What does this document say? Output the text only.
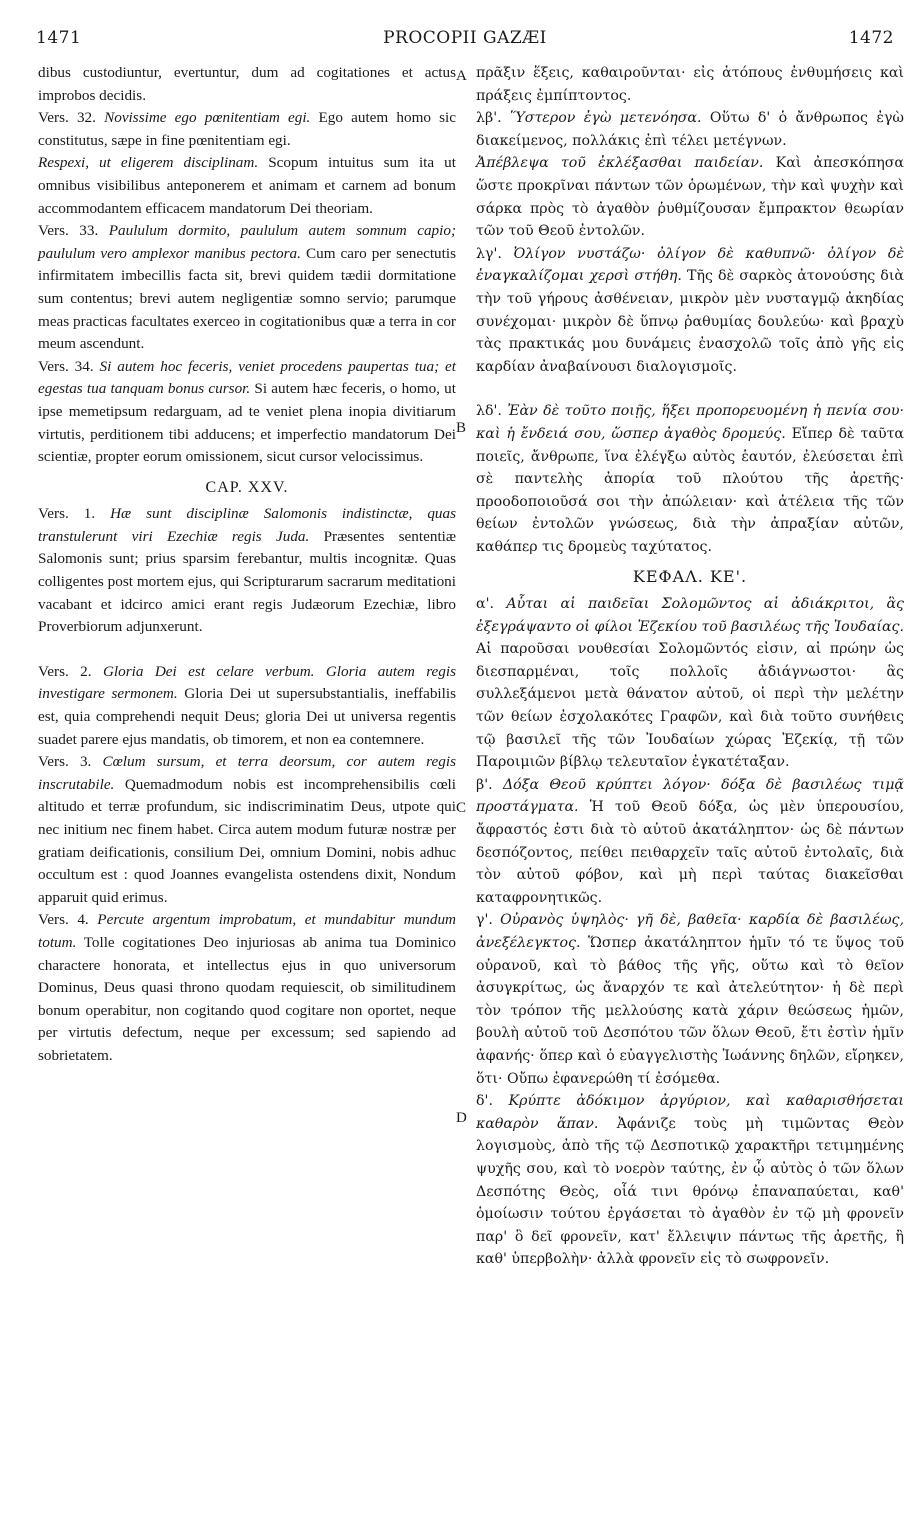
1471	PROCOPII GAZÆI	1472
A
B
C
D

dibus custodiuntur, evertuntur, dum ad cogitationes et actus improbos decidis.

Vers. 32. Novissime ego pœnitentiam egi. Ego autem homo sic constitutus, sæpe in fine pœnitentiam egi.

Respexi, ut eligerem disciplinam. Scopum intuitus sum ita ut omnibus visibilibus anteponerem et animam et carnem ad bonum accommodantem efficacem mandatorum Dei theoriam.

Vers. 33. Paululum dormito, paululum autem somnum capio; paululum vero amplexor manibus pectora. Cum caro per senectutis infirmitatem imbecillis facta sit, brevi quidem tædii dormitatione sum contentus; brevi autem negligentiæ somno servio; parumque meas practicas facultates exerceo in cogitationibus quæ a terra in cor meum ascendunt.

Vers. 34. Si autem hoc feceris, veniet procedens paupertas tua; et egestas tua tanquam bonus cursor. Si autem hæc feceris, o homo, ut ipse memetipsum redarguam, ad te veniet plena inopia divitiarum virtutis, perditionem tibi adducens; et imperfectio mandatorum Dei scientiæ, propter eorum omissionem, sicut cursor velocissimus.

CAP. XXV.

Vers. 1. Hæ sunt disciplinæ Salomonis indistinctæ, quas transtulerunt viri Ezechiæ regis Juda. Præsentes sententiæ Salomonis sunt; prius sparsim ferebantur, multis incognitæ. Quas colligentes post mortem ejus, qui Scripturarum sacrarum meditationi vacabant et idcirco amici erant regis Judæorum Ezechiæ, libro Proverbiorum adjunxerunt.

Vers. 2. Gloria Dei est celare verbum. Gloria autem regis investigare sermonem. Gloria Dei ut supersubstantialis, ineffabilis est, quia comprehendi nequit Deus; gloria Dei ut universa regentis suadet parere ejus mandatis, ob timorem, et non ea contemnere.

Vers. 3. Cœlum sursum, et terra deorsum, cor autem regis inscrutabile. Quemadmodum nobis est incomprehensibilis cœli altitudo et terræ profundum, sic indiscriminatim Deus, utpote qui nec initium nec finem habet. Circa autem modum futuræ nostræ per gratiam deificationis, consilium Dei, omnium Domini, nobis adhuc occultum est : quod Joannes evangelista ostendens dixit, Nondum apparuit quid erimus.

Vers. 4. Percute argentum improbatum, et mundabitur mundum totum. Tolle cogitationes Deo injuriosas ab anima tua Dominico charactere honorata, et intellectus ejus in quo universorum Dominus, Deus quasi throno quodam requiescit, ob similitudinem bonum operabitur, non cogitando quod cogitare non oportet, neque per virtutis defectum, neque per excessum; sed sapiendo ad sobrietatem.

πρᾶξιν ἕξεις, καθαιροῦνται· εἰς ἀτόπους ἐνθυμήσεις καὶ πράξεις ἐμπίπτοντος.

λβ'. Ὕστερον ἐγὼ μετενόησα. Οὕτω δ' ὁ ἄνθρωπος ἐγὼ διακείμενος, πολλάκις ἐπὶ τέλει μετέγνων.

Ἀπέβλεψα τοῦ ἐκλέξασθαι παιδείαν. Καὶ ἀπεσκόπησα ὥστε προκρῖναι πάντων τῶν ὁρωμένων, τὴν καὶ ψυχὴν καὶ σάρκα πρὸς τὸ ἀγαθὸν ῥυθμίζουσαν ἔμπρακτον θεωρίαν τῶν τοῦ Θεοῦ ἐντολῶν.

λγ'. Ὀλίγον νυστάζω· ὀλίγον δὲ καθυπνῶ· ὀλίγον δὲ ἐναγκαλίζομαι χερσὶ στήθη. Τῆς δὲ σαρκὸς ἀτονούσης διὰ τὴν τοῦ γήρους ἀσθένειαν, μικρὸν μὲν νυσταγμῷ ἀκηδίας συνέχομαι· μικρὸν δὲ ὕπνῳ ῥαθυμίας δουλεύω· καὶ βραχὺ τὰς πρακτικάς μου δυνάμεις ἐνασχολῶ τοῖς ἀπὸ γῆς εἰς καρδίαν ἀναβαίνουσι διαλογισμοῖς.

λδ'. Ἐὰν δὲ τοῦτο ποιῇς, ἥξει προπορευομένη ἡ πενία σου· καὶ ἡ ἔνδειά σου, ὥσπερ ἀγαθὸς δρομεύς. Εἴπερ δὲ ταῦτα ποιεῖς, ἄνθρωπε, ἵνα ἐλέγξω αὐτὸς ἑαυτόν, ἐλεύσεται ἐπὶ σὲ παντελὴς ἀπορία τοῦ πλούτου τῆς ἀρετῆς· προοδοποιοῦσά σοι τὴν ἀπώλειαν· καὶ ἀτέλεια τῆς τῶν θείων ἐντολῶν γνώσεως, διὰ τὴν ἀπραξίαν αὐτῶν, καθάπερ τις δρομεὺς ταχύτατος.

ΚΕΦΑΛ. ΚΕ'.

α'. Αὗται αἱ παιδεῖαι Σολομῶντος αἱ ἀδιάκριτοι, ἃς ἐξεγράψαντο οἱ φίλοι Ἐζεκίου τοῦ βασιλέως τῆς Ἰουδαίας. Αἱ παροῦσαι νουθεσίαι Σολομῶντός εἰσιν, αἱ πρώην ὡς διεσπαρμέναι, τοῖς πολλοῖς ἀδιάγνωστοι· ἃς συλλεξάμενοι μετὰ θάνατον αὐτοῦ, οἱ περὶ τὴν μελέτην τῶν θείων ἐσχολακότες Γραφῶν, καὶ διὰ τοῦτο συνήθεις τῷ βασιλεῖ τῆς τῶν Ἰουδαίων χώρας Ἐζεκίᾳ, τῇ τῶν Παροιμιῶν βίβλῳ τελευταῖον ἐγκατέταξαν.

β'. Δόξα Θεοῦ κρύπτει λόγον· δόξα δὲ βασιλέως τιμᾷ προστάγματα. Ἡ τοῦ Θεοῦ δόξα, ὡς μὲν ὑπερουσίου, ἄφραστός ἐστι διὰ τὸ αὐτοῦ ἀκατάληπτον· ὡς δὲ πάντων δεσπόζοντος, πείθει πειθαρχεῖν ταῖς αὐτοῦ ἐντολαῖς, διὰ τὸν αὐτοῦ φόβον, καὶ μὴ περὶ ταύτας διακεῖσθαι καταφρονητικῶς.

γ'. Οὐρανὸς ὑψηλὸς· γῆ δὲ, βαθεῖα· καρδία δὲ βασιλέως, ἀνεξέλεγκτος. Ὥσπερ ἀκατάληπτον ἡμῖν τό τε ὕψος τοῦ οὐρανοῦ, καὶ τὸ βάθος τῆς γῆς, οὕτω καὶ τὸ θεῖον ἀσυγκρίτως, ὡς ἄναρχόν τε καὶ ἀτελεύτητον· ἡ δὲ περὶ τὸν τρόπον τῆς μελλούσης κατὰ χάριν θεώσεως ἡμῶν, βουλὴ αὐτοῦ τοῦ Δεσπότου τῶν ὅλων Θεοῦ, ἔτι ἐστὶν ἡμῖν ἀφανής· ὅπερ καὶ ὁ εὐαγγελιστὴς Ἰωάννης δηλῶν, εἴρηκεν, ὅτι· Οὔπω ἐφανερώθη τί ἐσόμεθα.

δ'. Κρύπτε ἀδόκιμον ἀργύριον, καὶ καθαρισθήσεται καθαρὸν ἅπαν. Ἀφάνιζε τοὺς μὴ τιμῶντας Θεὸν λογισμοὺς, ἀπὸ τῆς τῷ Δεσποτικῷ χαρακτῆρι τετιμημένης ψυχῆς σου, καὶ τὸ νοερὸν ταύτης, ἐν ᾧ αὐτὸς ὁ τῶν ὅλων Δεσπότης Θεὸς, οἷά τινι θρόνῳ ἐπαναπαύεται, καθ' ὁμοίωσιν τούτου ἐργάσεται τὸ ἀγαθὸν ἐν τῷ μὴ φρονεῖν παρ' ὃ δεῖ φρονεῖν, κατ' ἔλλειψιν πάντως τῆς ἀρετῆς, ἢ καθ' ὑπερβολὴν· ἀλλὰ φρονεῖν εἰς τὸ σωφρονεῖν.
